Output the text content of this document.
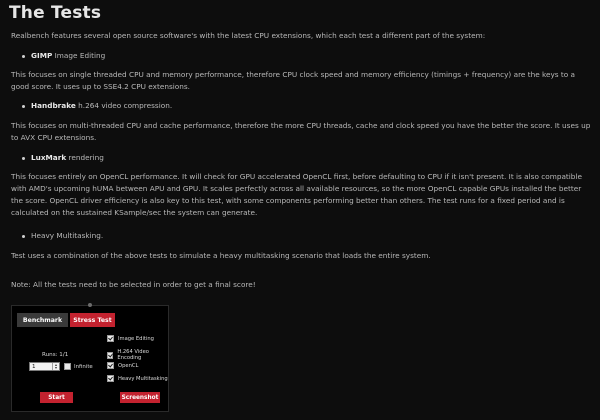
The Tests

Realbench features several open source software's with the latest CPU extensions, which each test a different part of the system:

GIMP Image Editing

This focuses on single threaded CPU and memory performance, therefore CPU clock speed and memory efficiency (timings + frequency) are the keys to a good score. It uses up to SSE4.2 CPU extensions.

Handbrake h.264 video compression.

This focuses on multi-threaded CPU and cache performance, therefore the more CPU threads, cache and clock speed you have the better the score. It uses up to AVX CPU extensions.

LuxMark rendering

This focuses entirely on OpenCL performance. It will check for GPU accelerated OpenCL first, before defaulting to CPU if it isn't present. It is also compatible with AMD's upcoming hUMA between APU and GPU. It scales perfectly across all available resources, so the more OpenCL capable GPUs installed the better the score. OpenCL driver efficiency is also key to this test, with some components performing better than others. The test runs for a fixed period and is calculated on the sustained KSample/sec the system can generate.

Heavy Multitasking.

Test uses a combination of the above tests to simulate a heavy multitasking scenario that loads the entire system.

Note: All the tests need to be selected in order to get a final score!

Benchmark	Stress Test
Image Editing
H.264 Video Encoding
OpenCL
Heavy Multitasking
Runs: 1/1
1	Infinite
Start	Screenshot
